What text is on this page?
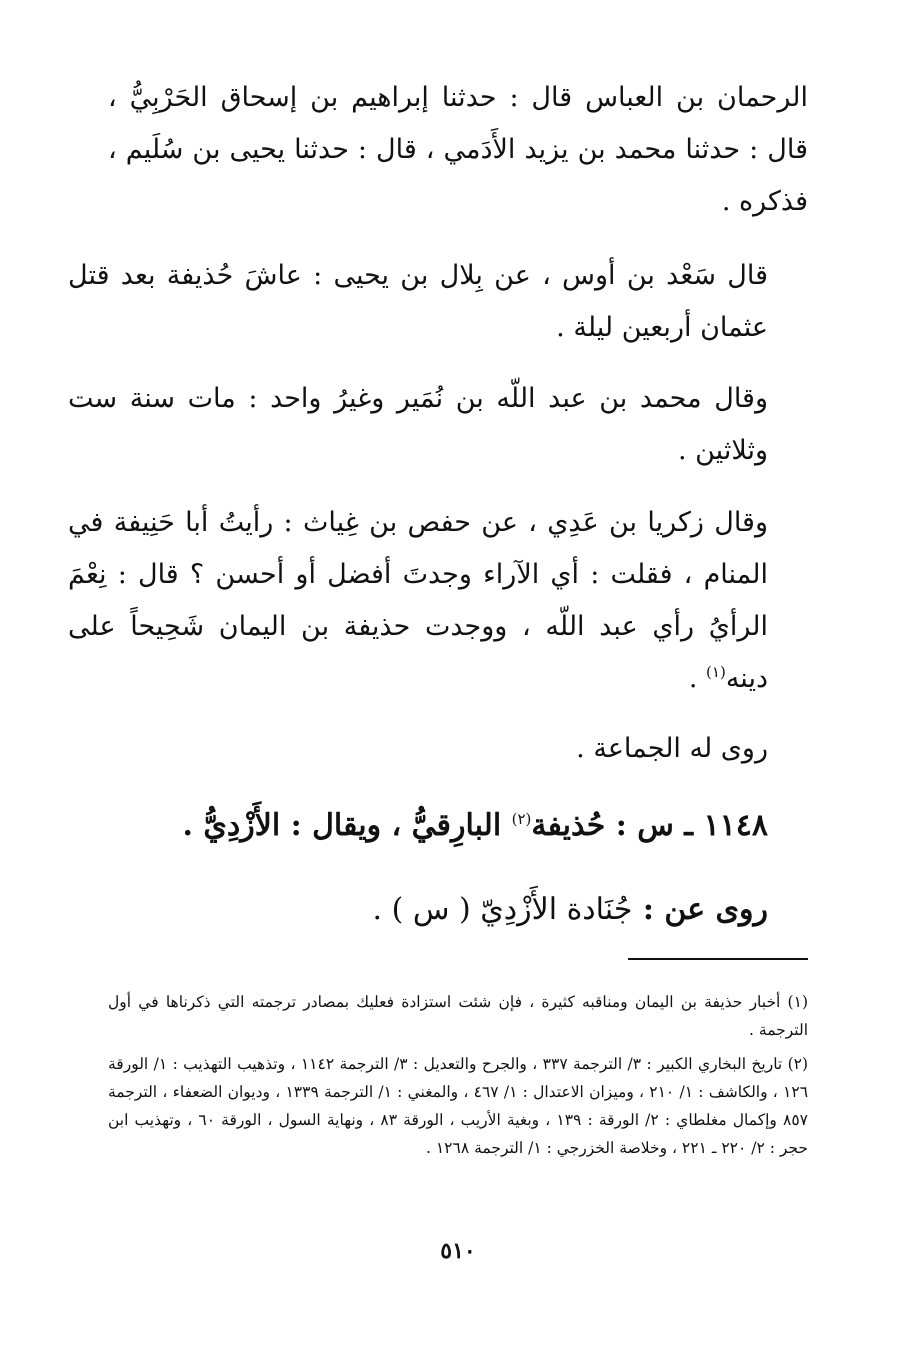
الرحمان بن العباس قال : حدثنا إبراهيم بن إسحاق الحَرْبِيُّ ، قال : حدثنا محمد بن يزيد الأَدَمي ، قال : حدثنا يحيى بن سُلَيم ، فذكره .

قال سَعْد بن أوس ، عن بِلال بن يحيى : عاشَ حُذيفة بعد قتل عثمان أربعين ليلة .

وقال محمد بن عبد اللّه بن نُمَير وغيرُ واحد : مات سنة ست وثلاثين .

وقال زكريا بن عَدِي ، عن حفص بن غِياث : رأيتُ أبا حَنِيفة في المنام ، فقلت : أي الآراء وجدتَ أفضل أو أحسن ؟ قال : نِعْمَ الرأيُ رأي عبد اللّه ، ووجدت حذيفة بن اليمان شَحِيحاً على دينه$^{(١)}$ .

روى له الجماعة .

١١٤٨ ـ س : حُذيفة$^{(٢)}$ البارِقيُّ ، ويقال : الأَزْدِيُّ .

روى عن : جُنَادة الأَزْدِيّ ( س ) .

(١) أخبار حذيفة بن اليمان ومناقبه كثيرة ، فإن شئت استزادة فعليك بمصادر ترجمته التي ذكرناها في أول الترجمة .

(٢) تاريخ البخاري الكبير : ٣/ الترجمة ٣٣٧ ، والجرح والتعديل : ٣/ الترجمة ١١٤٢ ، وتذهيب التهذيب : ١/ الورقة ١٢٦ ، والكاشف : ١/ ٢١٠ ، وميزان الاعتدال : ١/ ٤٦٧ ، والمغني : ١/ الترجمة ١٣٣٩ ، وديوان الضعفاء ، الترجمة ٨٥٧ وإكمال مغلطاي : ٢/ الورقة : ١٣٩ ، وبغية الأريب ، الورقة ٨٣ ، ونهاية السول ، الورقة ٦٠ ، وتهذيب ابن حجر : ٢/ ٢٢٠ ـ ٢٢١ ، وخلاصة الخزرجي : ١/ الترجمة ١٢٦٨ .

٥١٠
